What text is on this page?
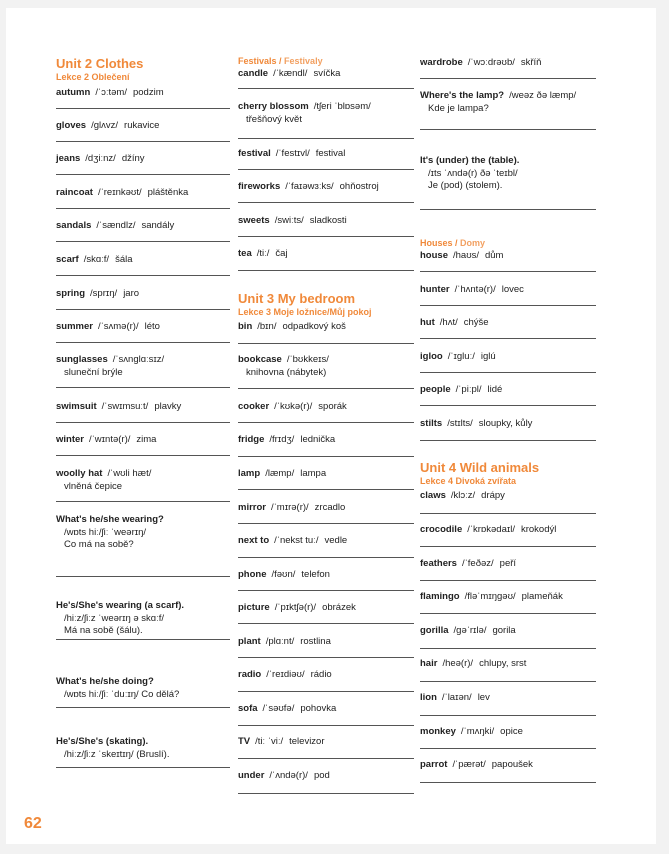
Unit 2 Clothes
Lekce 2 Oblečení
autumn /ˈɔːtəm/ podzim
gloves /ɡlʌvz/ rukavice
jeans /dʒiːnz/ džíny
raincoat /ˈreɪnkəʊt/ pláštěnka
sandals /ˈsændlz/ sandály
scarf /skɑːf/ šála
spring /sprɪŋ/ jaro
summer /ˈsʌmə(r)/ léto
sunglasses /ˈsʌnɡlɑːsɪz/
sluneční brýle
swimsuit /ˈswɪmsuːt/ plavky
winter /ˈwɪntə(r)/ zima
woolly hat /ˈwʊli hæt/
vlněná čepice
What's he/she wearing?
/wɒts hiː/ʃiː ˈweərɪŋ/
Co má na sobě?
He's/She's wearing (a scarf).
/hiːz/ʃiːz ˈweərɪŋ ə skɑːf/
Má na sobě (šálu).
What's he/she doing?
/wɒts hiː/ʃiː ˈduːɪŋ/ Co dělá?
He's/She's (skating).
/hiːz/ʃiːz ˈskeɪtɪŋ/ (Bruslí).
Festivals / Festivaly
candle /ˈkændl/ svíčka
cherry blossom /tʃeri ˈblɒsəm/
třešňový květ
festival /ˈfestɪvl/ festival
fireworks /ˈfaɪəwɜːks/ ohňostroj
sweets /swiːts/ sladkosti
tea /tiː/ čaj
Unit 3 My bedroom
Lekce 3 Moje ložnice/Můj pokoj
bin /bɪn/ odpadkový koš
bookcase /ˈbʊkkeɪs/
knihovna (nábytek)
cooker /ˈkʊkə(r)/ sporák
fridge /frɪdʒ/ lednička
lamp /læmp/ lampa
mirror /ˈmɪrə(r)/ zrcadlo
next to /ˈnekst tuː/ vedle
phone /fəʊn/ telefon
picture /ˈpɪktʃə(r)/ obrázek
plant /plɑːnt/ rostlina
radio /ˈreɪdiəʊ/ rádio
sofa /ˈsəʊfə/ pohovka
TV /tiː ˈviː/ televizor
under /ˈʌndə(r)/ pod
wardrobe /ˈwɔːdrəʊb/ skříň
Where's the lamp? /weəz ðə læmp/
Kde je lampa?
It's (under) the (table).
/ɪts ˈʌndə(r) ðə ˈteɪbl/
Je (pod) (stolem).
Houses / Domy
house /haʊs/ dům
hunter /ˈhʌntə(r)/ lovec
hut /hʌt/ chýše
igloo /ˈɪɡluː/ iglú
people /ˈpiːpl/ lidé
stilts /stɪlts/ sloupky, kůly
Unit 4 Wild animals
Lekce 4 Divoká zvířata
claws /klɔːz/ drápy
crocodile /ˈkrɒkədaɪl/ krokodýl
feathers /ˈfeðəz/ peří
flamingo /fləˈmɪŋɡəʊ/ plameňák
gorilla /ɡəˈrɪlə/ gorila
hair /heə(r)/ chlupy, srst
lion /ˈlaɪən/ lev
monkey /ˈmʌŋki/ opice
parrot /ˈpærət/ papoušek
62
